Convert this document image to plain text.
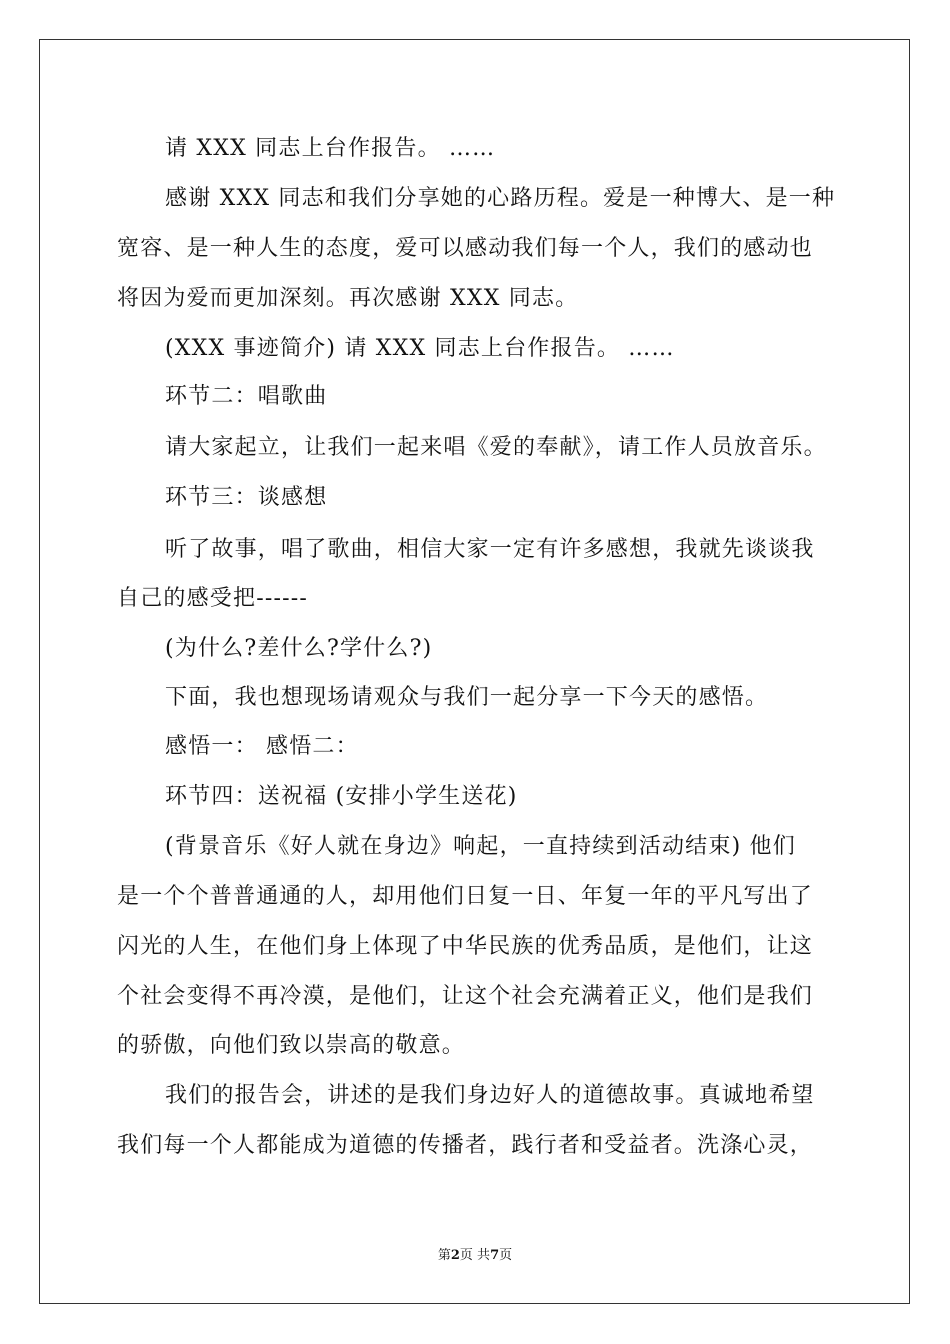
请 XXX 同志上台作报告。 ……
感谢 XXX 同志和我们分享她的心路历程。爱是一种博大、是一种
宽容、是一种人生的态度，爱可以感动我们每一个人，我们的感动也
将因为爱而更加深刻。再次感谢 XXX 同志。
(XXX 事迹简介) 请 XXX 同志上台作报告。 ……
环节二：唱歌曲
请大家起立，让我们一起来唱《爱的奉献》，请工作人员放音乐。
环节三：谈感想
听了故事，唱了歌曲，相信大家一定有许多感想，我就先谈谈我
自己的感受把------
(为什么?差什么?学什么?)
下面，我也想现场请观众与我们一起分享一下今天的感悟。
感悟一： 感悟二：
环节四：送祝福 (安排小学生送花)
(背景音乐《好人就在身边》响起，一直持续到活动结束) 他们
是一个个普普通通的人，却用他们日复一日、年复一年的平凡写出了
闪光的人生，在他们身上体现了中华民族的优秀品质，是他们，让这
个社会变得不再冷漠，是他们，让这个社会充满着正义，他们是我们
的骄傲，向他们致以崇高的敬意。
我们的报告会，讲述的是我们身边好人的道德故事。真诚地希望
我们每一个人都能成为道德的传播者，践行者和受益者。洗涤心灵，
第2页 共7页
